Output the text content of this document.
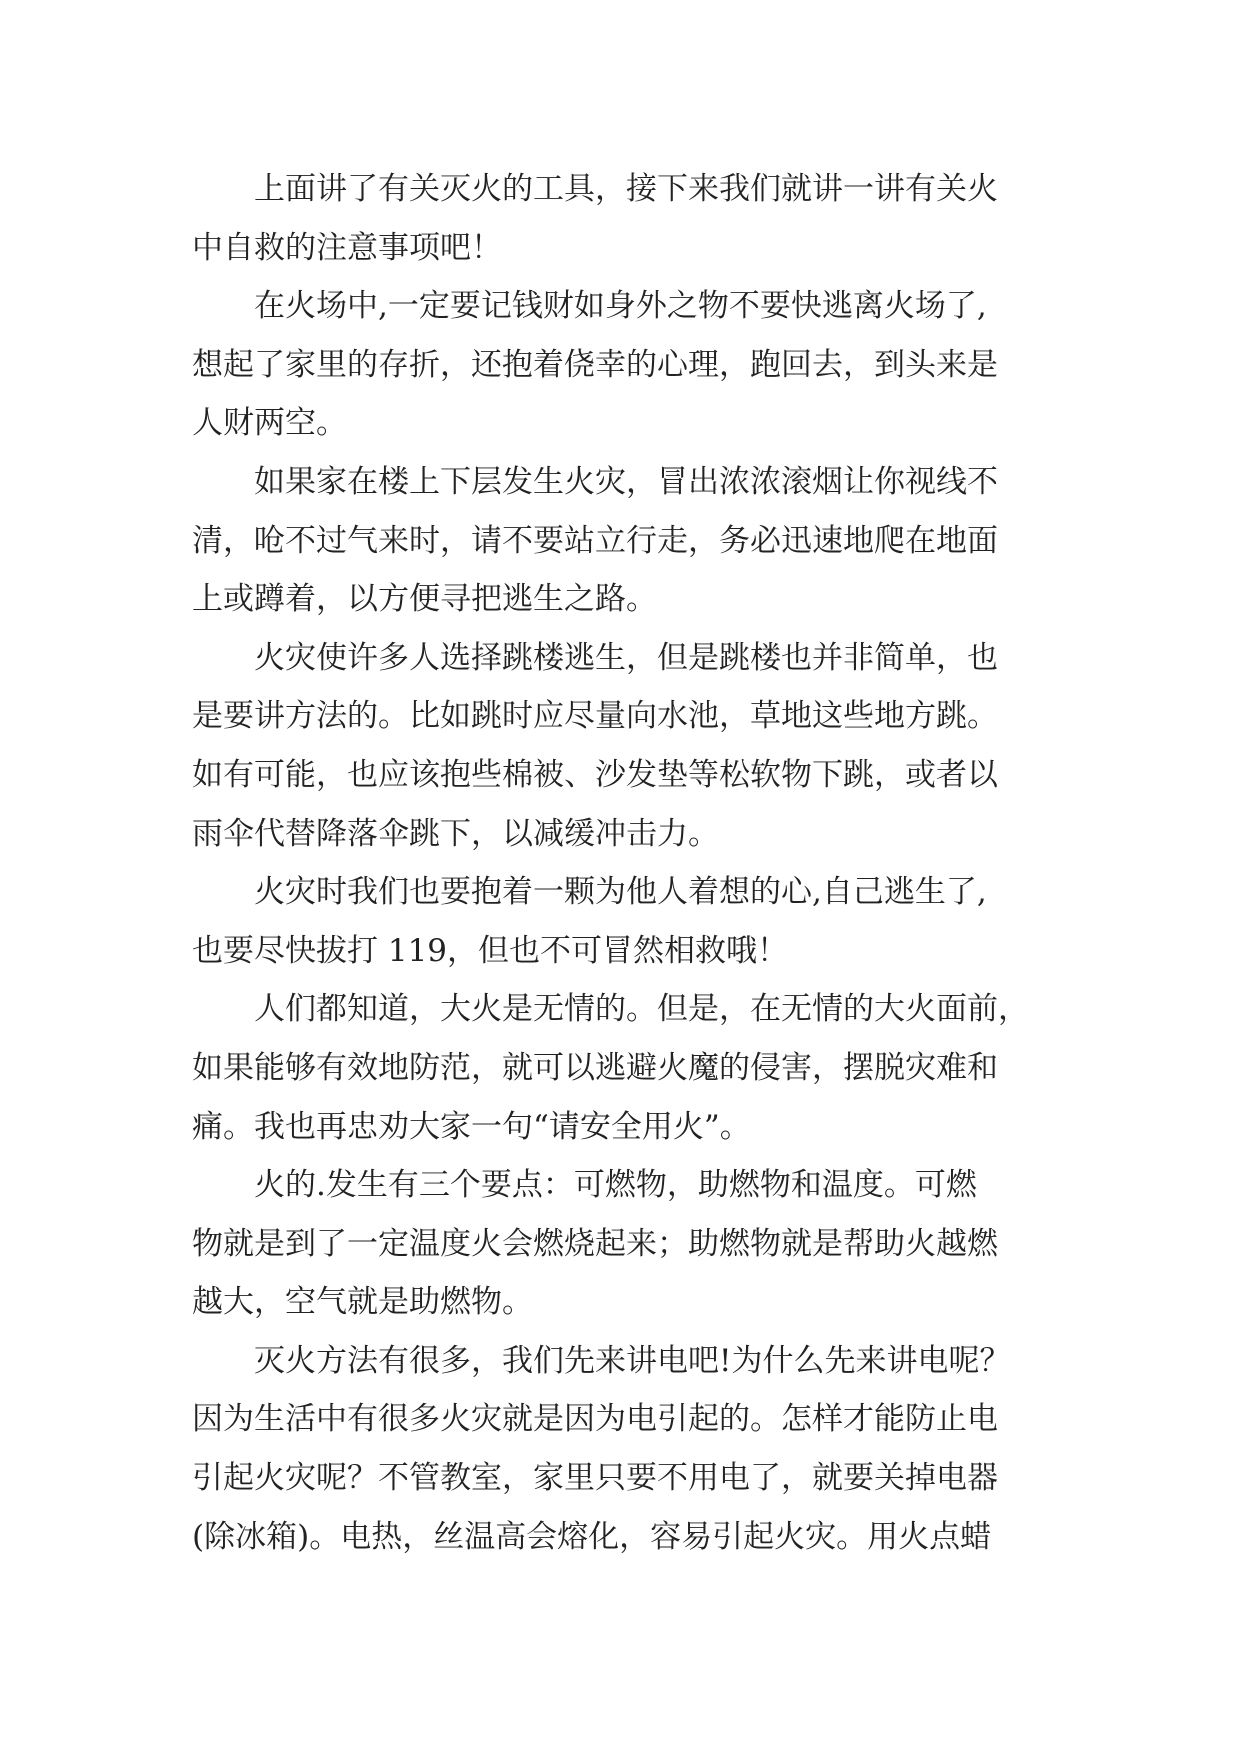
上面讲了有关灭火的工具，接下来我们就讲一讲有关火
中自救的注意事项吧！

在火场中,一定要记钱财如身外之物不要快逃离火场了,
想起了家里的存折，还抱着侥幸的心理，跑回去，到头来是
人财两空。

如果家在楼上下层发生火灾，冒出浓浓滚烟让你视线不
清，呛不过气来时，请不要站立行走，务必迅速地爬在地面
上或蹲着，以方便寻把逃生之路。

火灾使许多人选择跳楼逃生，但是跳楼也并非简单，也
是要讲方法的。比如跳时应尽量向水池，草地这些地方跳。
如有可能，也应该抱些棉被、沙发垫等松软物下跳，或者以
雨伞代替降落伞跳下，以减缓冲击力。

火灾时我们也要抱着一颗为他人着想的心,自己逃生了,
也要尽快拔打 119，但也不可冒然相救哦！

人们都知道，大火是无情的。但是，在无情的大火面前，
如果能够有效地防范，就可以逃避火魔的侵害，摆脱灾难和
痛。我也再忠劝大家一句“请安全用火”。

火的.发生有三个要点：可燃物，助燃物和温度。可燃
物就是到了一定温度火会燃烧起来；助燃物就是帮助火越燃
越大，空气就是助燃物。

灭火方法有很多，我们先来讲电吧!为什么先来讲电呢？
因为生活中有很多火灾就是因为电引起的。怎样才能防止电
引起火灾呢？不管教室，家里只要不用电了，就要关掉电器
(除冰箱)。电热，丝温高会熔化，容易引起火灾。用火点蜡
